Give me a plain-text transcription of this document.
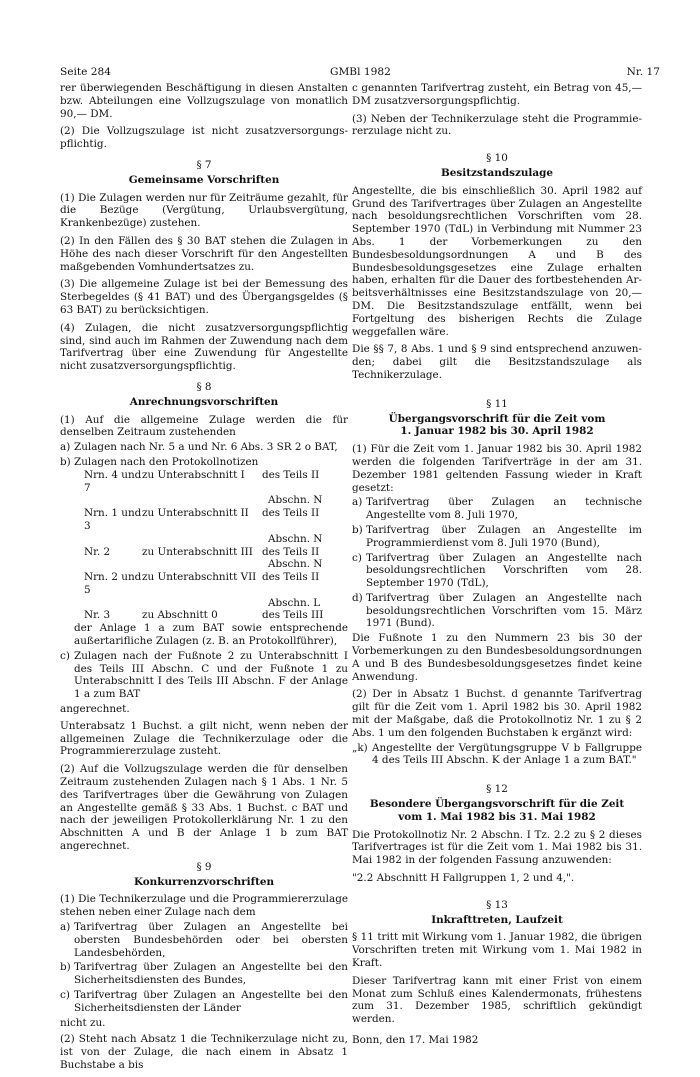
Seite 284	GMBl 1982	Nr. 17

rer überwiegenden Beschäftigung in diesen Anstalten bzw. Abteilungen eine Vollzugszulage von monatlich 90,— DM.

(2) Die Vollzugszulage ist nicht zusatzversorgungspflichtig.

§ 7
Gemeinsame Vorschriften

(1) Die Zulagen werden nur für Zeiträume gezahlt, für die Bezüge (Vergütung, Urlaubsvergütung, Krankenbezüge) zustehen.

(2) In den Fällen des § 30 BAT stehen die Zulagen in Höhe des nach dieser Vorschrift für den Angestellten maßgebenden Vomhundertsatzes zu.

(3) Die allgemeine Zulage ist bei der Bemessung des Sterbegeldes (§ 41 BAT) und des Übergangsgeldes (§ 63 BAT) zu berücksichtigen.

(4) Zulagen, die nicht zusatzversorgungspflichtig sind, sind auch im Rahmen der Zuwendung nach dem Tarifvertrag über eine Zuwendung für Angestellte nicht zusatzversorgungspflichtig.

§ 8
Anrechnungsvorschriften

(1) Auf die allgemeine Zulage werden die für denselben Zeitraum zustehenden

a) Zulagen nach Nr. 5 a und Nr. 6 Abs. 3 SR 2 o BAT,
b) Zulagen nach den Protokollnotizen
Nrn. 4 und 7
zu Unterabschnitt I	des Teils II
Abschn. N
Nrn. 1 und 3
zu Unterabschnitt II	des Teils II
Abschn. N
Nr. 2	zu Unterabschnitt III des Teils II
Abschn. N
Nrn. 2 und 5
zu Unterabschnitt VII des Teils II
Abschn. L
Nr. 3	zu Abschnitt 0	des Teils III

der Anlage 1 a zum BAT sowie entsprechende außertarifliche Zulagen (z. B. an Protokollführer),

c) Zulagen nach der Fußnote 2 zu Unterabschnitt I des Teils III Abschn. C und der Fußnote 1 zu Unterabschnitt I des Teils III Abschn. F der Anlage 1 a zum BAT

angerechnet.

Unterabsatz 1 Buchst. a gilt nicht, wenn neben der allgemeinen Zulage die Technikerzulage oder die Programmiererzulage zusteht.

(2) Auf die Vollzugszulage werden die für denselben Zeitraum zustehenden Zulagen nach § 1 Abs. 1 Nr. 5 des Tarifvertrages über die Gewährung von Zulagen an Angestellte gemäß § 33 Abs. 1 Buchst. c BAT und nach der jeweiligen Protokollerklärung Nr. 1 zu den Abschnitten A und B der Anlage 1 b zum BAT angerechnet.

§ 9
Konkurrenzvorschriften

(1) Die Technikerzulage und die Programmiererzulage stehen neben einer Zulage nach dem

a) Tarifvertrag über Zulagen an Angestellte bei obersten Bundesbehörden oder bei obersten Landesbehörden,
b) Tarifvertrag über Zulagen an Angestellte bei den Sicherheitsdiensten des Bundes,
c) Tarifvertrag über Zulagen an Angestellte bei den Sicherheitsdiensten der Länder

nicht zu.

(2) Steht nach Absatz 1 die Technikerzulage nicht zu, ist von der Zulage, die nach einem in Absatz 1 Buchstabe a bis

c genannten Tarifvertrag zusteht, ein Betrag von 45,— DM zusatzversorgungspflichtig.

(3) Neben der Technikerzulage steht die Programmiererzulage nicht zu.

§ 10
Besitzstandszulage

Angestellte, die bis einschließlich 30. April 1982 auf Grund des Tarifvertrages über Zulagen an Angestellte nach besoldungsrechtlichen Vorschriften vom 28. September 1970 (TdL) in Verbindung mit Nummer 23 Abs. 1 der Vorbemerkungen zu den Bundesbesoldungsordnungen A und B des Bundesbesoldungsgesetzes eine Zulage erhalten haben, erhalten für die Dauer des fortbestehenden Arbeitsverhältnisses eine Besitzstandszulage von 20,— DM. Die Besitzstandszulage entfällt, wenn bei Fortgeltung des bisherigen Rechts die Zulage weggefallen wäre.

Die §§ 7, 8 Abs. 1 und § 9 sind entsprechend anzuwenden; dabei gilt die Besitzstandszulage als Technikerzulage.

§ 11
Übergangsvorschrift für die Zeit vom
1. Januar 1982 bis 30. April 1982

(1) Für die Zeit vom 1. Januar 1982 bis 30. April 1982 werden die folgenden Tarifverträge in der am 31. Dezember 1981 geltenden Fassung wieder in Kraft gesetzt:

a) Tarifvertrag über Zulagen an technische Angestellte vom 8. Juli 1970,
b) Tarifvertrag über Zulagen an Angestellte im Programmierdienst vom 8. Juli 1970 (Bund),
c) Tarifvertrag über Zulagen an Angestellte nach besoldungsrechtlichen Vorschriften vom 28. September 1970 (TdL),
d) Tarifvertrag über Zulagen an Angestellte nach besoldungsrechtlichen Vorschriften vom 15. März 1971 (Bund).

Die Fußnote 1 zu den Nummern 23 bis 30 der Vorbemerkungen zu den Bundesbesoldungsordnungen A und B des Bundesbesoldungsgesetzes findet keine Anwendung.

(2) Der in Absatz 1 Buchst. d genannte Tarifvertrag gilt für die Zeit vom 1. April 1982 bis 30. April 1982 mit der Maßgabe, daß die Protokollnotiz Nr. 1 zu § 2 Abs. 1 um den folgenden Buchstaben k ergänzt wird:

„k) Angestellte der Vergütungsgruppe V b Fallgruppe 4 des Teils III Abschn. K der Anlage 1 a zum BAT."
§ 12
Besondere Übergangsvorschrift für die Zeit
vom 1. Mai 1982 bis 31. Mai 1982

Die Protokollnotiz Nr. 2 Abschn. I Tz. 2.2 zu § 2 dieses Tarifvertrages ist für die Zeit vom 1. Mai 1982 bis 31. Mai 1982 in der folgenden Fassung anzuwenden:

"2.2 Abschnitt H Fallgruppen 1, 2 und 4,".

§ 13
Inkrafttreten, Laufzeit

§ 11 tritt mit Wirkung vom 1. Januar 1982, die übrigen Vorschriften treten mit Wirkung vom 1. Mai 1982 in Kraft.

Dieser Tarifvertrag kann mit einer Frist von einem Monat zum Schluß eines Kalendermonats, frühestens zum 31. Dezember 1985, schriftlich gekündigt werden.

Bonn, den 17. Mai 1982
